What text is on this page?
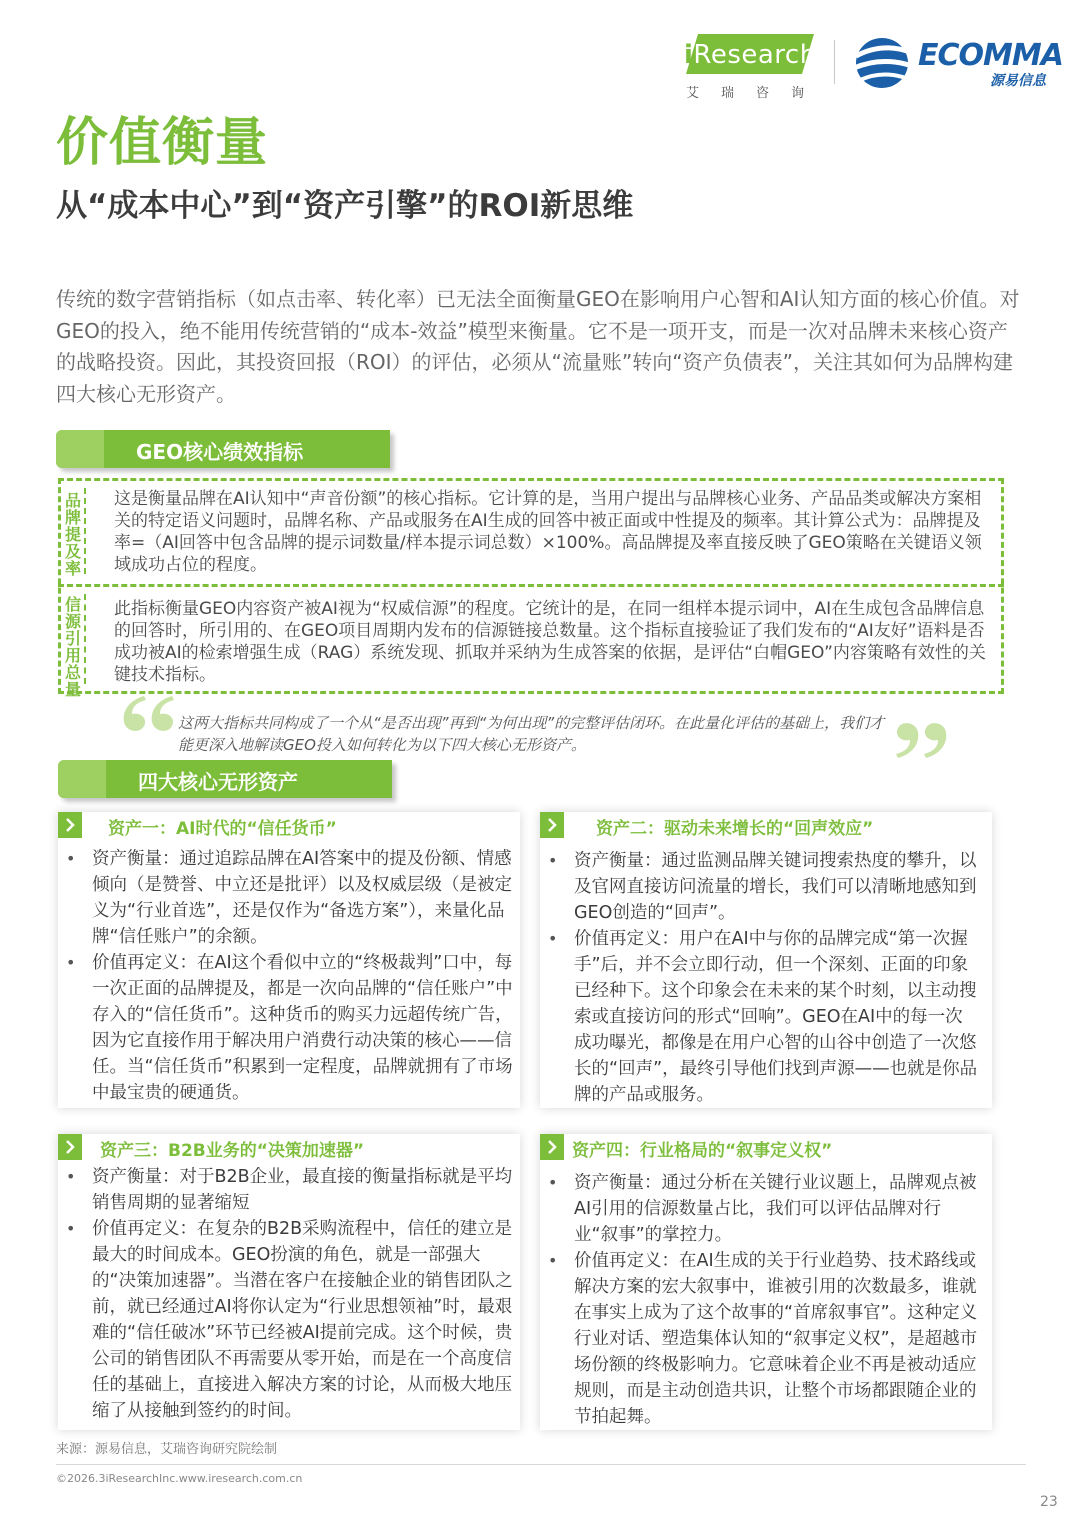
iResearch
艾瑞咨询
ECOMMA
源易信息
价值衡量
从“成本中心”到“资产引擎”的ROI新思维

传统的数字营销指标（如点击率、转化率）已无法全面衡量GEO在影响用户心智和AI认知方面的核心价值。对GEO的投入，绝不能用传统营销的“成本-效益”模型来衡量。它不是一项开支，而是一次对品牌未来核心资产的战略投资。因此，其投资回报（ROI）的评估，必须从“流量账”转向“资产负债表”，关注其如何为品牌构建四大核心无形资产。

GEO核心绩效指标
品牌提及率

这是衡量品牌在AI认知中“声音份额”的核心指标。它计算的是，当用户提出与品牌核心业务、产品品类或解决方案相关的特定语义问题时，品牌名称、产品或服务在AI生成的回答中被正面或中性提及的频率。其计算公式为：品牌提及率=（AI回答中包含品牌的提示词数量/样本提示词总数）×100%。高品牌提及率直接反映了GEO策略在关键语义领域成功占位的程度。

信源引用总量

此指标衡量GEO内容资产被AI视为“权威信源”的程度。它统计的是，在同一组样本提示词中，AI在生成包含品牌信息的回答时，所引用的、在GEO项目周期内发布的信源链接总数量。这个指标直接验证了我们发布的“AI友好”语料是否成功被AI的检索增强生成（RAG）系统发现、抓取并采纳为生成答案的依据，是评估“白帽GEO”内容策略有效性的关键技术指标。

这两大指标共同构成了一个从“是否出现”再到“为何出现”的完整评估闭环。在此量化评估的基础上，我们才能更深入地解读GEO投入如何转化为以下四大核心无形资产。

四大核心无形资产
资产一：AI时代的“信任货币”
• 资产衡量：通过追踪品牌在AI答案中的提及份额、情感倾向（是赞誉、中立还是批评）以及权威层级（是被定义为“行业首选”，还是仅作为“备选方案”），来量化品牌“信任账户”的余额。
• 价值再定义：在AI这个看似中立的“终极裁判”口中，每一次正面的品牌提及，都是一次向品牌的“信任账户”中存入的“信任货币”。这种货币的购买力远超传统广告，因为它直接作用于解决用户消费行动决策的核心——信任。当“信任货币”积累到一定程度，品牌就拥有了市场中最宝贵的硬通货。
资产二：驱动未来增长的“回声效应”
• 资产衡量：通过监测品牌关键词搜索热度的攀升，以及官网直接访问流量的增长，我们可以清晰地感知到GEO创造的“回声”。
• 价值再定义：用户在AI中与你的品牌完成“第一次握手”后，并不会立即行动，但一个深刻、正面的印象已经种下。这个印象会在未来的某个时刻，以主动搜索或直接访问的形式“回响”。GEO在AI中的每一次成功曝光，都像是在用户心智的山谷中创造了一次悠长的“回声”，最终引导他们找到声源——也就是你品牌的产品或服务。
资产三：B2B业务的“决策加速器”
• 资产衡量：对于B2B企业，最直接的衡量指标就是平均销售周期的显著缩短
• 价值再定义：在复杂的B2B采购流程中，信任的建立是最大的时间成本。GEO扮演的角色，就是一部强大的“决策加速器”。当潜在客户在接触企业的销售团队之前，就已经通过AI将你认定为“行业思想领袖”时，最艰难的“信任破冰”环节已经被AI提前完成。这个时候，贵公司的销售团队不再需要从零开始，而是在一个高度信任的基础上，直接进入解决方案的讨论，从而极大地压缩了从接触到签约的时间。
资产四：行业格局的“叙事定义权”
• 资产衡量：通过分析在关键行业议题上，品牌观点被AI引用的信源数量占比，我们可以评估品牌对行业“叙事”的掌控力。
• 价值再定义：在AI生成的关于行业趋势、技术路线或解决方案的宏大叙事中，谁被引用的次数最多，谁就在事实上成为了这个故事的“首席叙事官”。这种定义行业对话、塑造集体认知的“叙事定义权”，是超越市场份额的终极影响力。它意味着企业不再是被动适应规则，而是主动创造共识，让整个市场都跟随企业的节拍起舞。
来源：源易信息，艾瑞咨询研究院绘制
©2026.3iResearchInc.www.iresearch.com.cn
23
